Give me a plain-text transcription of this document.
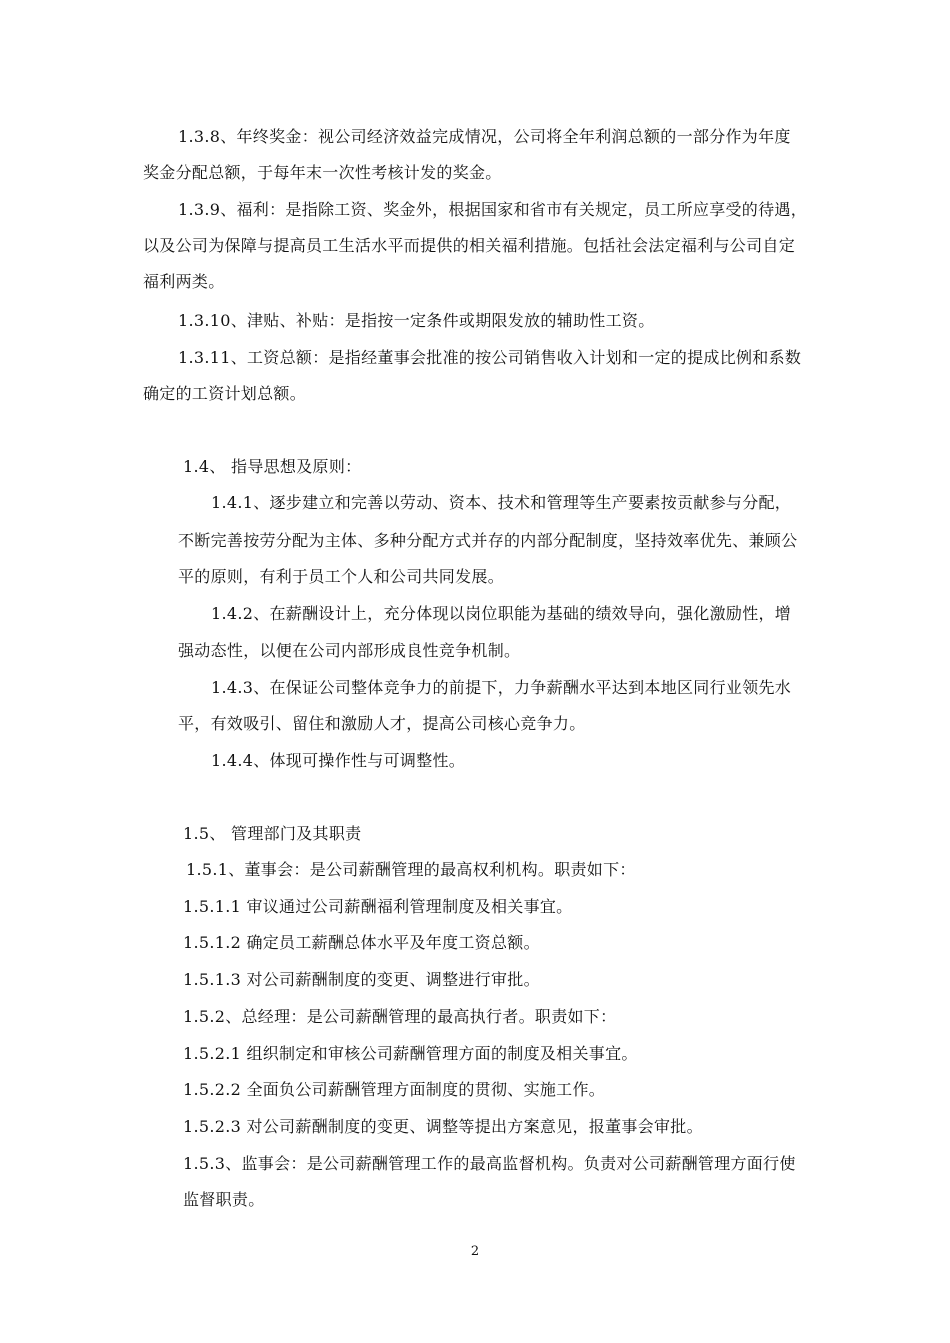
1.3.8、年终奖金：视公司经济效益完成情况，公司将全年利润总额的一部分作为年度
奖金分配总额，于每年末一次性考核计发的奖金。
1.3.9、福利：是指除工资、奖金外，根据国家和省市有关规定，员工所应享受的待遇，
以及公司为保障与提高员工生活水平而提供的相关福利措施。包括社会法定福利与公司自定
福利两类。
1.3.10、津贴、补贴：是指按一定条件或期限发放的辅助性工资。
1.3.11、工资总额：是指经董事会批准的按公司销售收入计划和一定的提成比例和系数
确定的工资计划总额。
1.4、 指导思想及原则：
1.4.1、逐步建立和完善以劳动、资本、技术和管理等生产要素按贡献参与分配，
不断完善按劳分配为主体、多种分配方式并存的内部分配制度，坚持效率优先、兼顾公
平的原则，有利于员工个人和公司共同发展。
1.4.2、在薪酬设计上，充分体现以岗位职能为基础的绩效导向，强化激励性，增
强动态性，以便在公司内部形成良性竞争机制。
1.4.3、在保证公司整体竞争力的前提下，力争薪酬水平达到本地区同行业领先水
平，有效吸引、留住和激励人才，提高公司核心竞争力。
1.4.4、体现可操作性与可调整性。
1.5、 管理部门及其职责
1.5.1、董事会：是公司薪酬管理的最高权利机构。职责如下：
1.5.1.1 审议通过公司薪酬福利管理制度及相关事宜。
1.5.1.2 确定员工薪酬总体水平及年度工资总额。
1.5.1.3 对公司薪酬制度的变更、调整进行审批。
1.5.2、总经理：是公司薪酬管理的最高执行者。职责如下：
1.5.2.1 组织制定和审核公司薪酬管理方面的制度及相关事宜。
1.5.2.2 全面负公司薪酬管理方面制度的贯彻、实施工作。
1.5.2.3 对公司薪酬制度的变更、调整等提出方案意见，报董事会审批。
1.5.3、监事会：是公司薪酬管理工作的最高监督机构。负责对公司薪酬管理方面行使
监督职责。
2
